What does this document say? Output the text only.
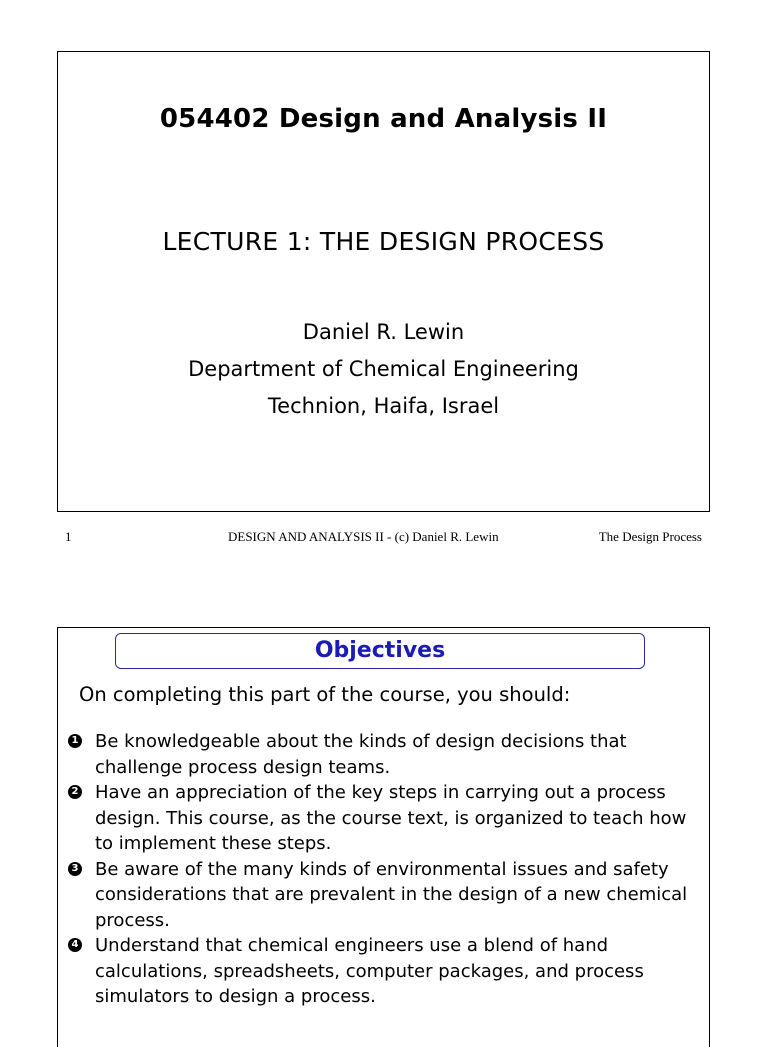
054402 Design and Analysis II
LECTURE 1: THE DESIGN PROCESS
Daniel R. Lewin
Department of Chemical Engineering
Technion, Haifa, Israel
1	DESIGN AND ANALYSIS II - (c) Daniel R. Lewin	The Design Process
Objectives
On completing this part of the course, you should:
1 Be knowledgeable about the kinds of design decisions that challenge process design teams.
2 Have an appreciation of the key steps in carrying out a process design. This course, as the course text, is organized to teach how to implement these steps.
3 Be aware of the many kinds of environmental issues and safety considerations that are prevalent in the design of a new chemical process.
4 Understand that chemical engineers use a blend of hand calculations, spreadsheets, computer packages, and process simulators to design a process.
